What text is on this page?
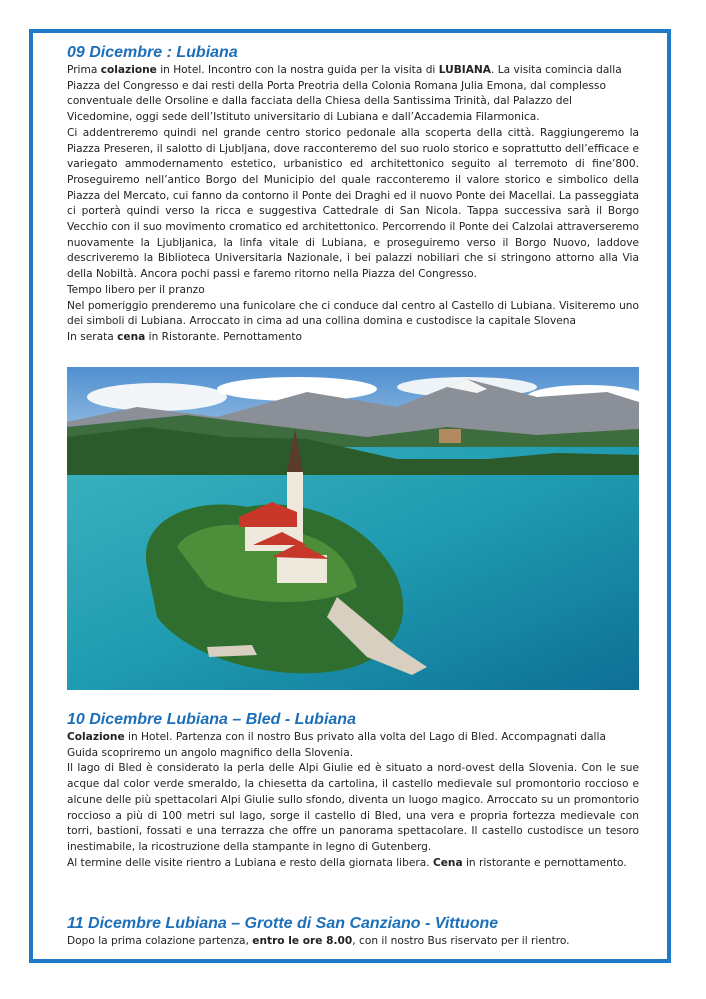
09 Dicembre : Lubiana

Prima colazione in Hotel. Incontro con la nostra guida per la visita di LUBIANA. La visita comincia dalla Piazza del Congresso e dai resti della Porta Preotria della Colonia Romana Julia Emona, dal complesso conventuale delle Orsoline e dalla facciata della Chiesa della Santissima Trinità, dal Palazzo del Vicedomine, oggi sede dell’Istituto universitario di Lubiana e dall’Accademia Filarmonica.

Ci addentreremo quindi nel grande centro storico pedonale alla scoperta della città. Raggiungeremo la Piazza Preseren, il salotto di Ljubljana, dove racconteremo del suo ruolo storico e soprattutto dell’efficace e variegato ammodernamento estetico, urbanistico ed architettonico seguito al terremoto di fine’800. Proseguiremo nell’antico Borgo del Municipio del quale racconteremo il valore storico e simbolico della Piazza del Mercato, cui fanno da contorno il Ponte dei Draghi ed il nuovo Ponte dei Macellai. La passeggiata ci porterà quindi verso la ricca e suggestiva Cattedrale di San Nicola. Tappa successiva sarà il Borgo Vecchio con il suo movimento cromatico ed architettonico. Percorrendo il Ponte dei Calzolai attraverseremo nuovamente la Ljubljanica, la linfa vitale di Lubiana, e proseguiremo verso il Borgo Nuovo, laddove descriveremo la Biblioteca Universitaria Nazionale, i bei palazzi nobiliari che si stringono attorno alla Via della Nobiltà. Ancora pochi passi e faremo ritorno nella Piazza del Congresso.

Tempo libero per il pranzo

Nel pomeriggio prenderemo una funicolare che ci conduce dal centro al Castello di Lubiana. Visiteremo uno dei simboli di Lubiana. Arroccato in cima ad una collina domina e custodisce la capitale Slovena

In serata cena in Ristorante. Pernottamento

10 Dicembre Lubiana – Bled - Lubiana

Colazione in Hotel. Partenza con il nostro Bus privato alla volta del Lago di Bled. Accompagnati dalla Guida scopriremo un angolo magnifico della Slovenia.

Il lago di Bled è considerato la perla delle Alpi Giulie ed è situato a nord-ovest della Slovenia. Con le sue acque dal color verde smeraldo, la chiesetta da cartolina, il castello medievale sul promontorio roccioso e alcune delle più spettacolari Alpi Giulie sullo sfondo, diventa un luogo magico. Arroccato su un promontorio roccioso a più di 100 metri sul lago, sorge il castello di Bled, una vera e propria fortezza medievale con torri, bastioni, fossati e una terrazza che offre un panorama spettacolare. Il castello custodisce un tesoro inestimabile, la ricostruzione della stampante in legno di Gutenberg.

Al termine delle visite rientro a Lubiana e resto della giornata libera. Cena in ristorante e pernottamento.

11 Dicembre Lubiana – Grotte di San Canziano - Vittuone

Dopo la prima colazione partenza, entro le ore 8.00, con il nostro Bus riservato per il rientro.
